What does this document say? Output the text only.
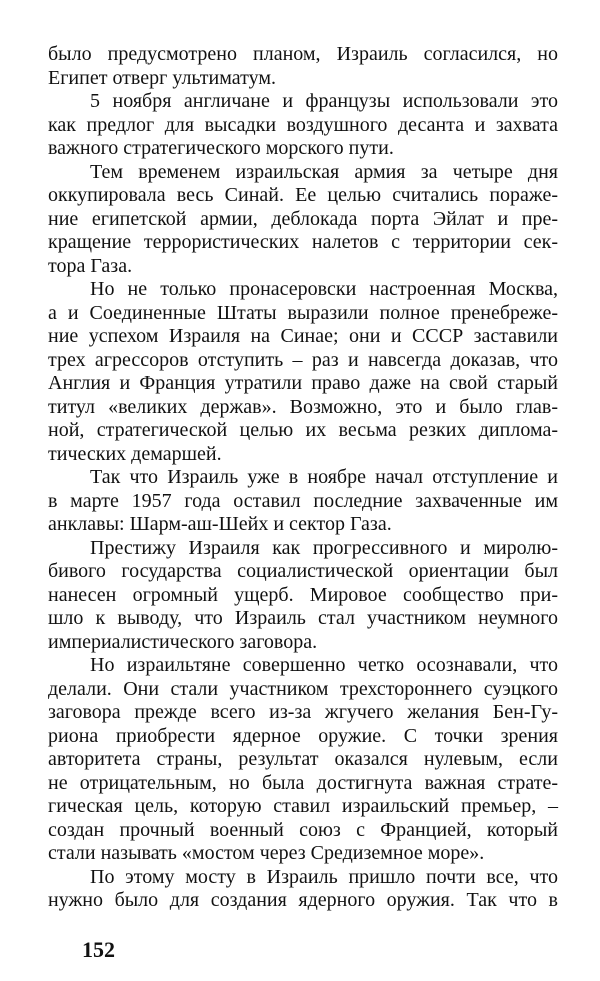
было предусмотрено планом, Израиль согласился, но
Египет отверг ультиматум.
5 ноября англичане и французы использовали это
как предлог для высадки воздушного десанта и захвата
важного стратегического морского пути.
Тем временем израильская армия за четыре дня
оккупировала весь Синай. Ее целью считались пораже-
ние египетской армии, деблокада порта Эйлат и пре-
кращение террористических налетов с территории сек-
тора Газа.
Но не только пронасеровски настроенная Москва,
а и Соединенные Штаты выразили полное пренебреже-
ние успехом Израиля на Синае; они и СССР заставили
трех агрессоров отступить – раз и навсегда доказав, что
Англия и Франция утратили право даже на свой старый
титул «великих держав». Возможно, это и было глав-
ной, стратегической целью их весьма резких диплома-
тических демаршей.
Так что Израиль уже в ноябре начал отступление и
в марте 1957 года оставил последние захваченные им
анклавы: Шарм-аш-Шейх и сектор Газа.
Престижу Израиля как прогрессивного и миролю-
бивого государства социалистической ориентации был
нанесен огромный ущерб. Мировое сообщество при-
шло к выводу, что Израиль стал участником неумного
империалистического заговора.
Но израильтяне совершенно четко осознавали, что
делали. Они стали участником трехстороннего суэцкого
заговора прежде всего из-за жгучего желания Бен-Гу-
риона приобрести ядерное оружие. С точки зрения
авторитета страны, результат оказался нулевым, если
не отрицательным, но была достигнута важная страте-
гическая цель, которую ставил израильский премьер, –
создан прочный военный союз с Францией, который
стали называть «мостом через Средиземное море».
По этому мосту в Израиль пришло почти все, что
нужно было для создания ядерного оружия. Так что в
152
